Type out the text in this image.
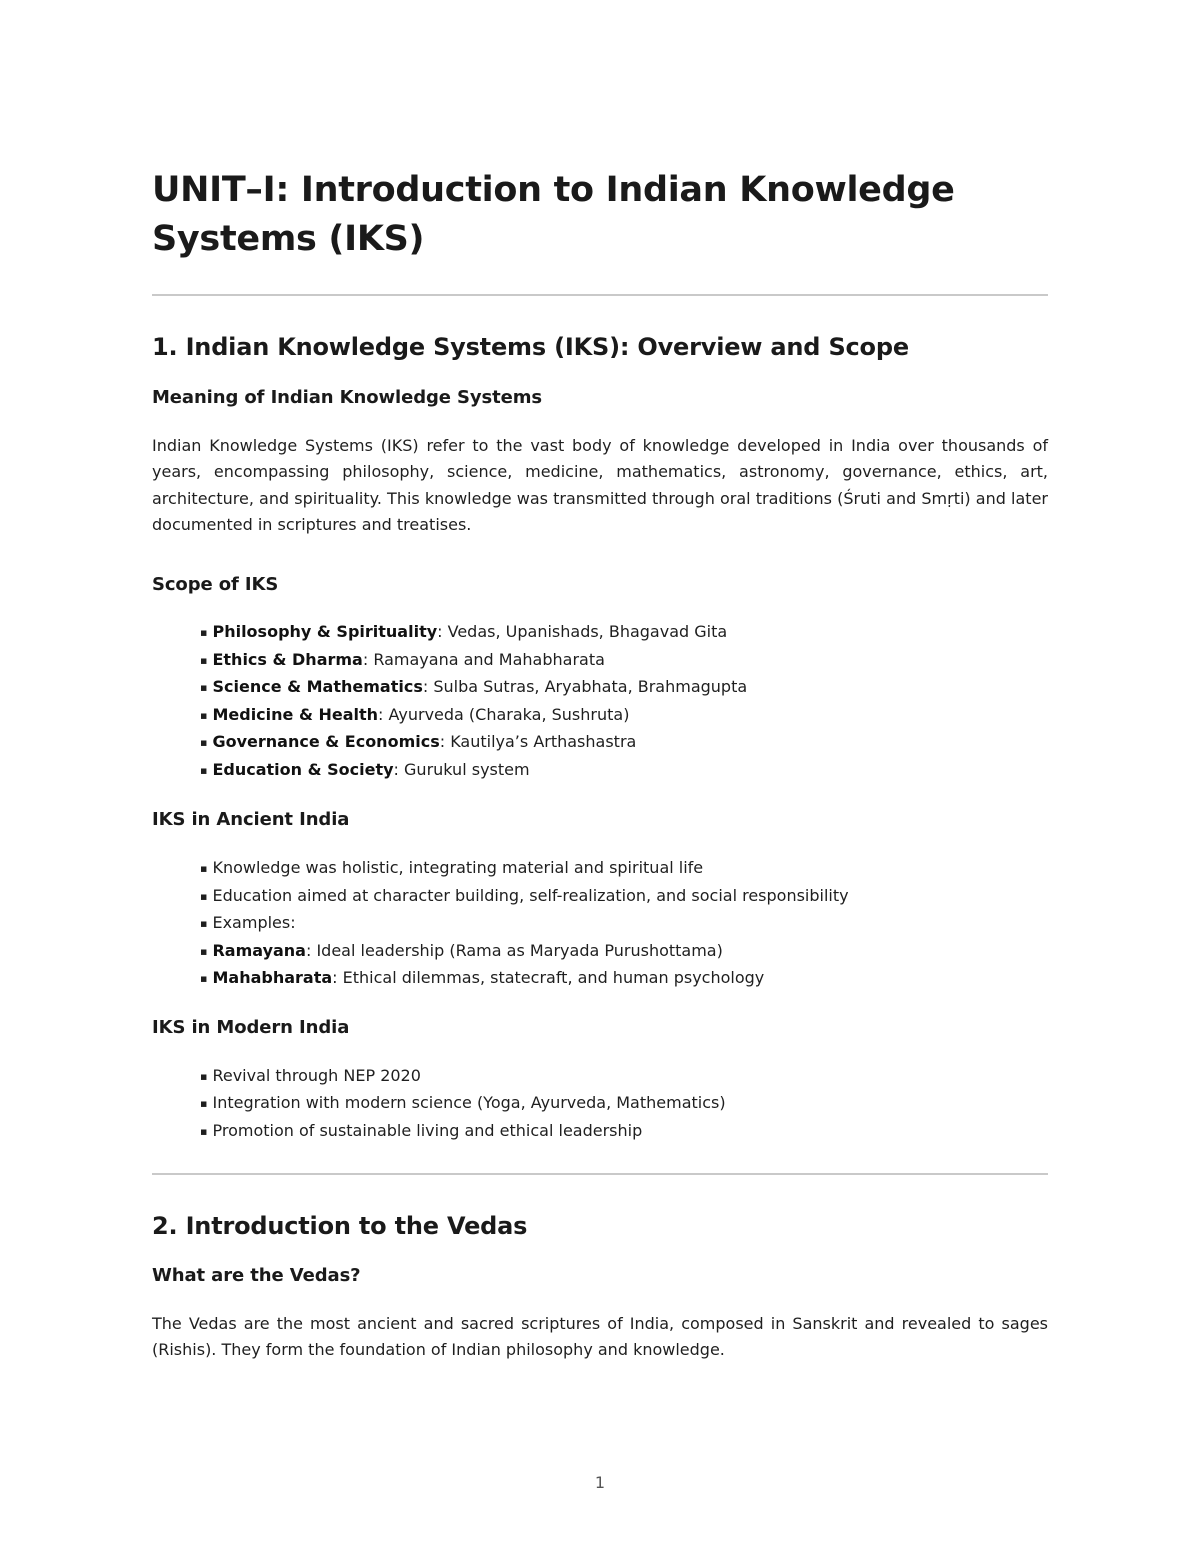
UNIT–I: Introduction to Indian Knowledge Systems (IKS)
1. Indian Knowledge Systems (IKS): Overview and Scope
Meaning of Indian Knowledge Systems

Indian Knowledge Systems (IKS) refer to the vast body of knowledge developed in India over thousands of years, encompassing philosophy, science, medicine, mathematics, astronomy, governance, ethics, art, architecture, and spirituality. This knowledge was transmitted through oral traditions (Śruti and Smṛti) and later documented in scriptures and treatises.

Scope of IKS
▪ Philosophy & Spirituality: Vedas, Upanishads, Bhagavad Gita
▪ Ethics & Dharma: Ramayana and Mahabharata
▪ Science & Mathematics: Sulba Sutras, Aryabhata, Brahmagupta
▪ Medicine & Health: Ayurveda (Charaka, Sushruta)
▪ Governance & Economics: Kautilya’s Arthashastra
▪ Education & Society: Gurukul system
IKS in Ancient India
▪ Knowledge was holistic, integrating material and spiritual life
▪ Education aimed at character building, self-realization, and social responsibility
▪ Examples:
▪ Ramayana: Ideal leadership (Rama as Maryada Purushottama)
▪ Mahabharata: Ethical dilemmas, statecraft, and human psychology
IKS in Modern India
▪ Revival through NEP 2020
▪ Integration with modern science (Yoga, Ayurveda, Mathematics)
▪ Promotion of sustainable living and ethical leadership
2. Introduction to the Vedas
What are the Vedas?

The Vedas are the most ancient and sacred scriptures of India, composed in Sanskrit and revealed to sages (Rishis). They form the foundation of Indian philosophy and knowledge.

1
